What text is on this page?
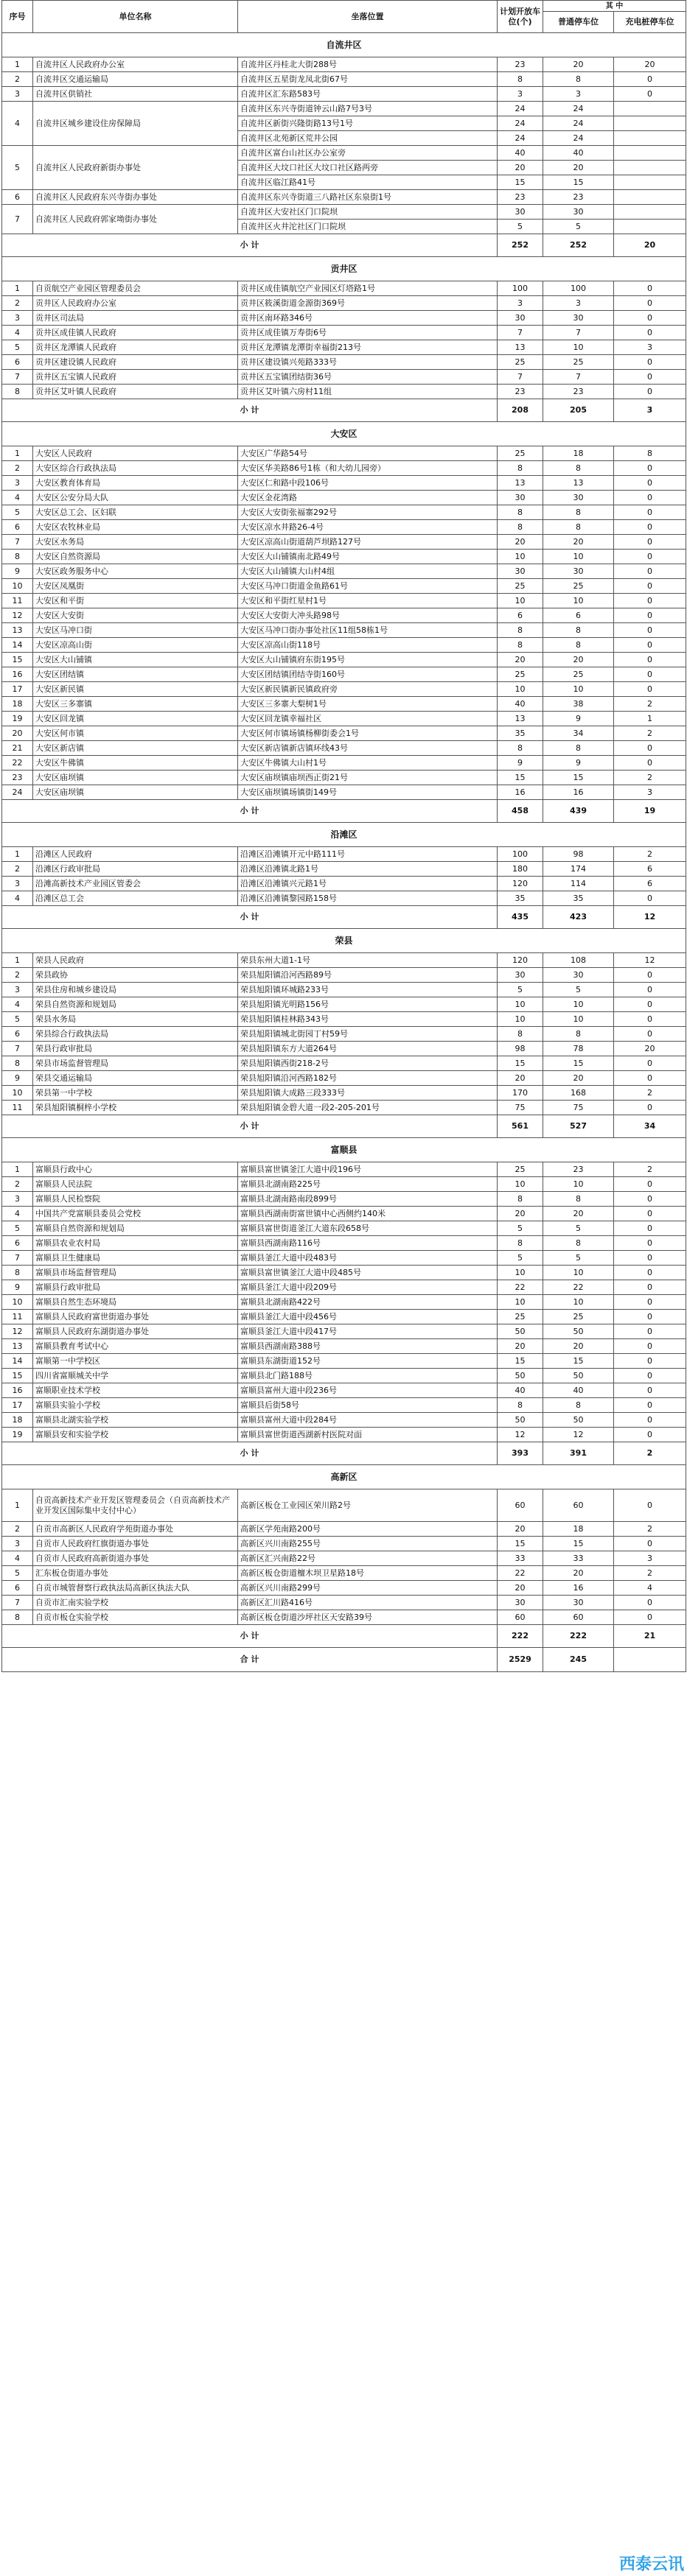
序号	单位名称	坐落位置	计划开放车位(个)	其 中	
				普通停车位	充电桩停车位
自流井区					
1	自流井区人民政府办公室	自流井区丹桂北大街288号	23	20	20
2	自流井区交通运输局	自流井区五星街龙凤北街67号	8	8	0
3	自流井区供销社	自流井区汇东路583号	3	3	0
4	自流井区城乡建设住房保障局	自流井区东兴寺街道钟云山路7号3号	24	24	
		自流井区新街兴隆街路13号1号	24	24	
		自流井区北苑新区荒井公园	24	24	
5	自流井区人民政府新街办事处	自流井区富台山社区办公室旁	40	40	
		自流井区大坟口社区大坟口社区路两旁	20	20	
		自流井区临江路41号	15	15	
6	自流井区人民政府东兴寺街办事处	自流井区东兴寺街道三八路社区东泉街1号	23	23	
7	自流井区人民政府郭家坳街办事处	自流井区大安社区门口院坝	30	30	
		自流井区火井沱社区门口院坝	5	5	
小 计			252	252	20
贡井区					
1	自贡航空产业园区管理委员会	贡井区成佳镇航空产业园区灯塔路1号	100	100	0
2	贡井区人民政府办公室	贡井区筱溪街道金源街369号	3	3	0
3	贡井区司法局	贡井区南环路346号	30	30	0
4	贡井区成佳镇人民政府	贡井区成佳镇万寿街6号	7	7	0
5	贡井区龙潭镇人民政府	贡井区龙潭镇龙潭街幸福街213号	13	10	3
6	贡井区建设镇人民政府	贡井区建设镇兴苑路333号	25	25	0
7	贡井区五宝镇人民政府	贡井区五宝镇团结街36号	7	7	0
8	贡井区艾叶镇人民政府	贡井区艾叶镇六房村11组	23	23	0
小 计			208	205	3
大安区					
1	大安区人民政府	大安区广华路54号	25	18	8
2	大安区综合行政执法局	大安区华美路86号1栋（和大幼儿园旁）	8	8	0
3	大安区教育体育局	大安区仁和路中段106号	13	13	0
4	大安区公安分局大队	大安区金花湾路	30	30	0
5	大安区总工会、区妇联	大安区大安街张福寨292号	8	8	0
6	大安区农牧林业局	大安区凉水井路26-4号	8	8	0
7	大安区水务局	大安区凉高山街道葫芦坝路127号	20	20	0
8	大安区自然资源局	大安区大山铺镇南北路49号	10	10	0
9	大安区政务服务中心	大安区大山铺镇大山村4组	30	30	0
10	大安区凤凰街	大安区马冲口街道金鱼路61号	25	25	0
11	大安区和平街	大安区和平街红星村1号	10	10	0
12	大安区大安街	大安区大安街大冲头路98号	6	6	0
13	大安区马冲口街	大安区马冲口街办事处社区11组58栋1号	8	8	0
14	大安区凉高山街	大安区凉高山街118号	8	8	0
15	大安区大山铺镇	大安区大山铺镇府东街195号	20	20	0
16	大安区团结镇	大安区团结镇团结寺街160号	25	25	0
17	大安区新民镇	大安区新民镇新民镇政府旁	10	10	0
18	大安区三多寨镇	大安区三多寨大梨树1号	40	38	2
19	大安区回龙镇	大安区回龙镇幸福社区	13	9	1
20	大安区何市镇	大安区何市镇场镇杨柳街委会1号	35	34	2
21	大安区新店镇	大安区新店镇新店镇环线43号	8	8	0
22	大安区牛佛镇	大安区牛佛镇大山村1号	9	9	0
23	大安区庙坝镇	大安区庙坝镇庙坝西正街21号	15	15	2
24	大安区庙坝镇	大安区庙坝镇场镇街149号	16	16	3
小 计			458	439	19
沿滩区					
1	沿滩区人民政府	沿滩区沿滩镇开元中路111号	100	98	2
2	沿滩区行政审批局	沿滩区沿滩镇北路1号	180	174	6
3	沿滩高新技术产业园区管委会	沿滩区沿滩镇兴元路1号	120	114	6
4	沿滩区总工会	沿滩区沿滩镇黎园路158号	35	35	0
小 计			435	423	12
荣县					
1	荣县人民政府	荣县东州大道1-1号	120	108	12
2	荣县政协	荣县旭阳镇沿河西路89号	30	30	0
3	荣县住房和城乡建设局	荣县旭阳镇环城路233号	5	5	0
4	荣县自然资源和规划局	荣县旭阳镇光明路156号	10	10	0
5	荣县水务局	荣县旭阳镇桂林路343号	10	10	0
6	荣县综合行政执法局	荣县旭阳镇城北街园丁村59号	8	8	0
7	荣县行政审批局	荣县旭阳镇东方大道264号	98	78	20
8	荣县市场监督管理局	荣县旭阳镇西街218-2号	15	15	0
9	荣县交通运输局	荣县旭阳镇沿河西路182号	20	20	0
10	荣县第一中学校	荣县旭阳镇大成路三段333号	170	168	2
11	荣县旭阳镇桐梓小学校	荣县旭阳镇金碧大道一段2-205-201号	75	75	0
小 计			561	527	34
富顺县					
1	富顺县行政中心	富顺县富世镇釜江大道中段196号	25	23	2
2	富顺县人民法院	富顺县北湖南路225号	10	10	0
3	富顺县人民检察院	富顺县北湖南路南段899号	8	8	0
4	中国共产党富顺县委员会党校	富顺县西湖南街富世镇中心西侧约140米	20	20	0
5	富顺县自然资源和规划局	富顺县富世街道釜江大道东段658号	5	5	0
6	富顺县农业农村局	富顺县西湖南路116号	8	8	0
7	富顺县卫生健康局	富顺县釜江大道中段483号	5	5	0
8	富顺县市场监督管理局	富顺县富世镇釜江大道中段485号	10	10	0
9	富顺县行政审批局	富顺县釜江大道中段209号	22	22	0
10	富顺县自然生态环境局	富顺县北湖南路422号	10	10	0
11	富顺县人民政府富世街道办事处	富顺县釜江大道中段456号	25	25	0
12	富顺县人民政府东湖街道办事处	富顺县釜江大道中段417号	50	50	0
13	富顺县教育考试中心	富顺县西湖南路388号	20	20	0
14	富顺第一中学校区	富顺县东湖街道152号	15	15	0
15	四川省富顺城关中学	富顺县北门路188号	50	50	0
16	富顺职业技术学校	富顺县富州大道中段236号	40	40	0
17	富顺县实验小学校	富顺县后街58号	8	8	0
18	富顺县北湖实验学校	富顺县富州大道中段284号	50	50	0
19	富顺县安和实验学校	富顺县富世街道西湖新村医院对面	12	12	0
小 计			393	391	2
高新区					
1	自贡高新技术产业开发区管理委员会（自贡高新技术产业开发区国际集中支付中心）	高新区板仓工业园区荣川路2号	60	60	0
2	自贡市高新区人民政府学苑街道办事处	高新区学苑南路200号	20	18	2
3	自贡市人民政府红旗街道办事处	高新区兴川南路255号	15	15	0
4	自贡市人民政府高新街道办事处	高新区汇兴南路22号	33	33	3
5	汇东板仓街道办事处	高新区板仓街道檀木坝卫星路18号	22	20	2
6	自贡市城管督察行政执法局高新区执法大队	高新区兴川南路299号	20	16	4
7	自贡市汇南实验学校	高新区汇川路416号	30	30	0
8	自贡市板仓实验学校	高新区板仓街道沙坪社区天安路39号	60	60	0
小 计			222	222	21
合 计			2529	245	
西泰云讯
